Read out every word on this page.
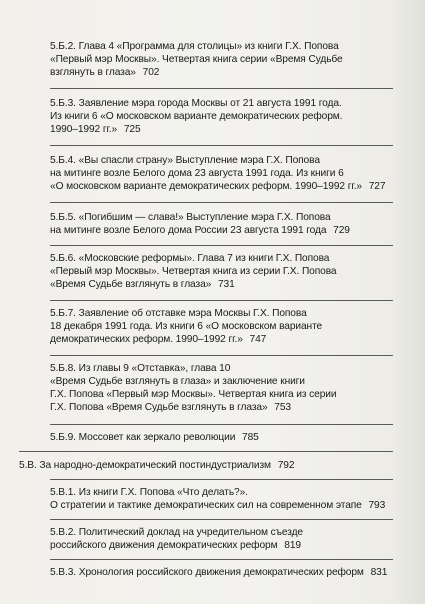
5.Б.2. Глава 4 «Программа для столицы» из книги Г.Х. Попова
«Первый мэр Москвы». Четвертая книга серии «Время Судьбе
взглянуть в глаза» 702
5.Б.3. Заявление мэра города Москвы от 21 августа 1991 года.
Из книги 6 «О московском варианте демократических реформ.
1990–1992 гг.» 725
5.Б.4. «Вы спасли страну» Выступление мэра Г.Х. Попова
на митинге возле Белого дома 23 августа 1991 года. Из книги 6
«О московском варианте демократических реформ. 1990–1992 гг.» 727
5.Б.5. «Погибшим — слава!» Выступление мэра Г.Х. Попова
на митинге возле Белого дома России 23 августа 1991 года 729
5.Б.6. «Московские реформы». Глава 7 из книги Г.Х. Попова
«Первый мэр Москвы». Четвертая книга из серии Г.Х. Попова
«Время Судьбе взглянуть в глаза» 731
5.Б.7. Заявление об отставке мэра Москвы Г.Х. Попова
18 декабря 1991 года. Из книги 6 «О московском варианте
демократических реформ. 1990–1992 гг.» 747
5.Б.8. Из главы 9 «Отставка», глава 10
«Время Судьбе взглянуть в глаза» и заключение книги
Г.Х. Попова «Первый мэр Москвы». Четвертая книга из серии
Г.Х. Попова «Время Судьбе взглянуть в глаза» 753
5.Б.9. Моссовет как зеркало революции 785
5.В. За народно-демократический постиндустриализм 792
5.В.1. Из книги Г.Х. Попова «Что делать?».
О стратегии и тактике демократических сил на современном этапе 793
5.В.2. Политический доклад на учредительном съезде
российского движения демократических реформ 819
5.В.3. Хронология российского движения демократических реформ 831
